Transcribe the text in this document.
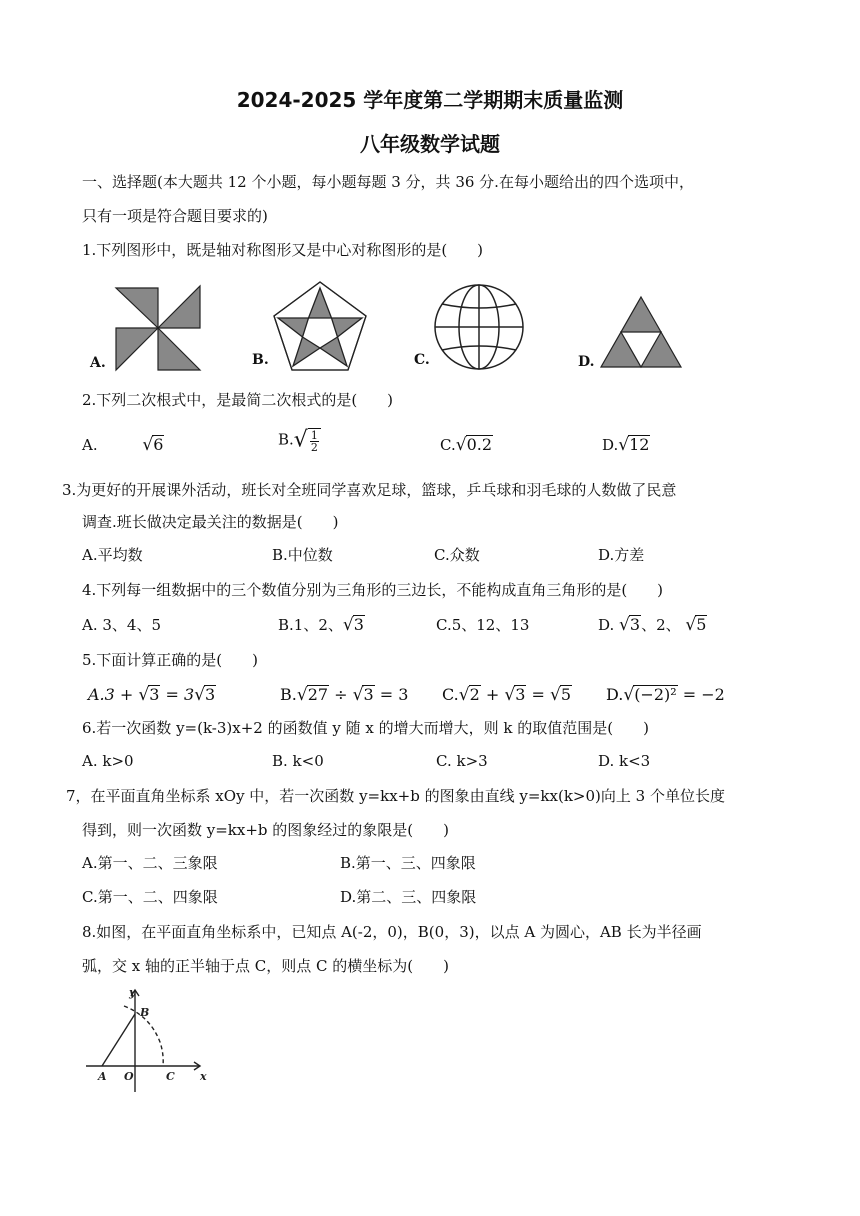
2024-2025 学年度第二学期期末质量监测
八年级数学试题
一、选择题(本大题共 12 个小题，每小题每题 3 分，共 36 分.在每小题给出的四个选项中，
只有一项是符合题目要求的)
1.下列图形中，既是轴对称图形又是中心对称图形的是(　　)
A.	B.	C.	D.
2.下列二次根式中，是最简二次根式的是(　　)
A.	√6	$B.√ \frac{1}{2}$	C.√0.2	D.√12
3.为更好的开展课外活动，班长对全班同学喜欢足球，篮球，乒乓球和羽毛球的人数做了民意
调查.班长做决定最关注的数据是(　　)
A.平均数	B.中位数	C.众数	D.方差
4.下列每一组数据中的三个数值分别为三角形的三边长，不能构成直角三角形的是(　　)
A. 3、4、5	B.1、2、√3	C.5、12、13	D. √3、2、 √5
5.下面计算正确的是(　　)
A.3 + √3 = 3√3	B.√27 ÷ √3 = 3 C.√2 + √3 = √5 D.√(−2)² = −2
6.若一次函数 y=(k-3)x+2 的函数值 y 随 x 的增大而增大，则 k 的取值范围是(　　)
A. k>0	B. k<0	C. k>3	D. k<3
7，在平面直角坐标系 xOy 中，若一次函数 y=kx+b 的图象由直线 y=kx(k>0)向上 3 个单位长度
得到，则一次函数 y=kx+b 的图象经过的象限是(　　)
A.第一、二、三象限	B.第一、三、四象限
C.第一、二、四象限	D.第二、三、四象限
8.如图，在平面直角坐标系中，已知点 A(-2，0)，B(0，3)，以点 A 为圆心，AB 长为半径画
弧，交 x 轴的正半轴于点 C，则点 C 的横坐标为(　　)
y
x
B
A O	C
